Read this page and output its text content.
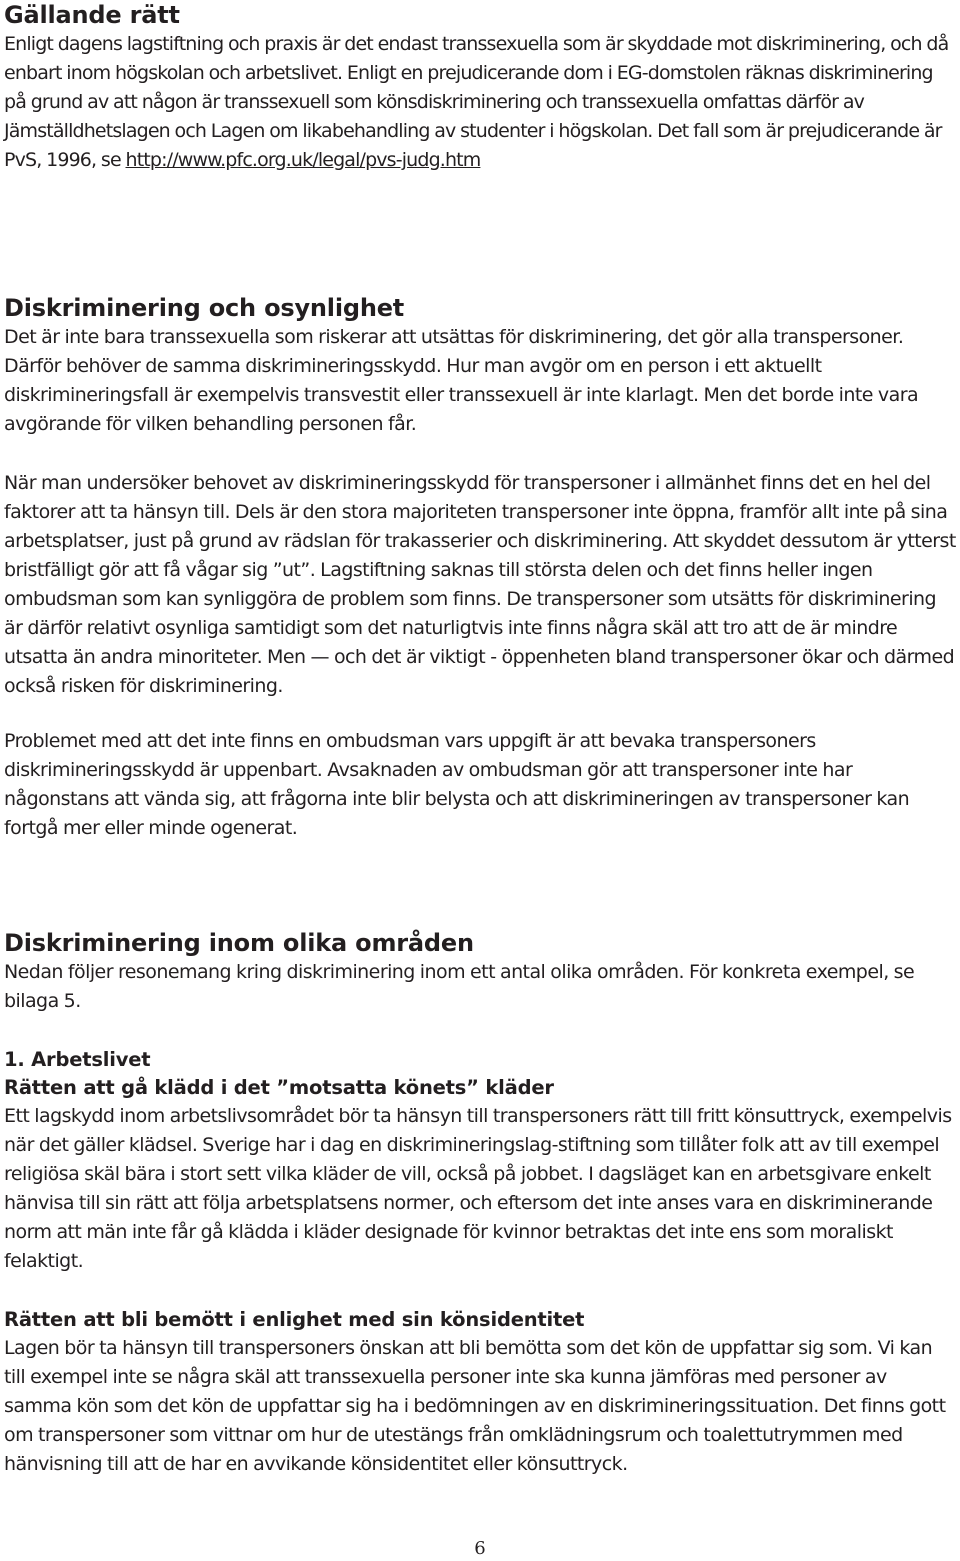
Gällande rätt

Enligt dagens lagstiftning och praxis är det endast transsexuella som är skyddade mot diskriminering, och då enbart inom högskolan och arbetslivet. Enligt en prejudicerande dom i EG-domstolen räknas diskriminering på grund av att någon är transsexuell som könsdiskriminering och transsexuella omfattas därför av Jämställdhetslagen och Lagen om likabehandling av studenter i högskolan. Det fall som är prejudicerande är PvS, 1996, se http://www.pfc.org.uk/legal/pvs-judg.htm

Diskriminering och osynlighet

Det är inte bara transsexuella som riskerar att utsättas för diskriminering, det gör alla transpersoner. Därför behöver de samma diskrimineringsskydd. Hur man avgör om en person i ett aktuellt diskrimineringsfall är exempelvis transvestit eller transsexuell är inte klarlagt. Men det borde inte vara avgörande för vilken behandling personen får.

När man undersöker behovet av diskrimineringsskydd för transpersoner i allmänhet finns det en hel del faktorer att ta hänsyn till. Dels är den stora majoriteten transpersoner inte öppna, framför allt inte på sina arbetsplatser, just på grund av rädslan för trakasserier och diskriminering. Att skyddet dessutom är ytterst bristfälligt gör att få vågar sig ”ut”. Lagstiftning saknas till största delen och det finns heller ingen ombudsman som kan synliggöra de problem som finns. De transpersoner som utsätts för diskriminering är därför relativt osynliga samtidigt som det naturligtvis inte finns några skäl att tro att de är mindre utsatta än andra minoriteter. Men — och det är viktigt - öppenheten bland transpersoner ökar och därmed också risken för diskriminering.

Problemet med att det inte finns en ombudsman vars uppgift är att bevaka transpersoners diskrimineringsskydd är uppenbart. Avsaknaden av ombudsman gör att transpersoner inte har någonstans att vända sig, att frågorna inte blir belysta och att diskrimineringen av transpersoner kan fortgå mer eller minde ogenerat.

Diskriminering inom olika områden

Nedan följer resonemang kring diskriminering inom ett antal olika områden. För konkreta exempel, se bilaga 5.

1. Arbetslivet
Rätten att gå klädd i det ”motsatta könets” kläder

Ett lagskydd inom arbetslivsområdet bör ta hänsyn till transpersoners rätt till fritt könsuttryck, exempelvis när det gäller klädsel. Sverige har i dag en diskrimineringslag-stiftning som tillåter folk att av till exempel religiösa skäl bära i stort sett vilka kläder de vill, också på jobbet. I dagsläget kan en arbetsgivare enkelt hänvisa till sin rätt att följa arbetsplatsens normer, och eftersom det inte anses vara en diskriminerande norm att män inte får gå klädda i kläder designade för kvinnor betraktas det inte ens som moraliskt felaktigt.

Rätten att bli bemött i enlighet med sin könsidentitet

Lagen bör ta hänsyn till transpersoners önskan att bli bemötta som det kön de uppfattar sig som. Vi kan till exempel inte se några skäl att transsexuella personer inte ska kunna jämföras med personer av samma kön som det kön de uppfattar sig ha i bedömningen av en diskrimineringssituation. Det finns gott om transpersoner som vittnar om hur de utestängs från omklädningsrum och toalettutrymmen med hänvisning till att de har en avvikande könsidentitet eller könsuttryck.

6
